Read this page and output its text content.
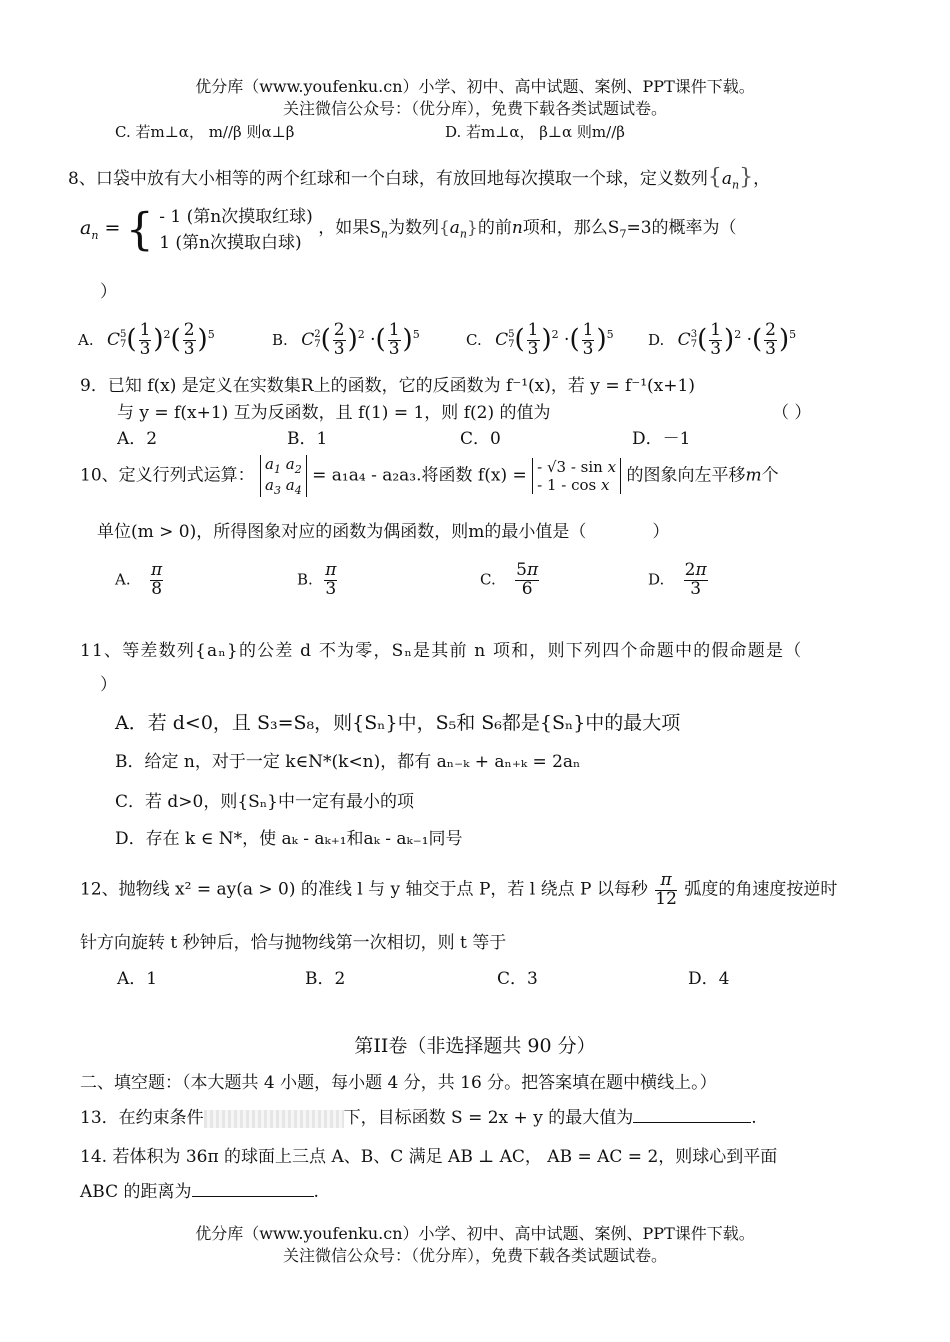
优分库（www.youfenku.cn）小学、初中、高中试题、案例、PPT课件下载。
关注微信公众号：（优分库），免费下载各类试题试卷。
C. 若m⊥α， m//β 则α⊥β	D. 若m⊥α， β⊥α 则m//β
8、口袋中放有大小相等的两个红球和一个白球，有放回地每次摸取一个球，定义数列$\{a_n\}$，
$a_n$ = { - 1 (第n次摸取红球)
1 (第n次摸取白球)
，如果$S_n$为数列$\{a_n\}$的前n项和，那么$S_7=3$的概率为（
）
A. C 5
7 ( $\frac{1}{3} )^2( \frac{2}{3} )^5$	B. C 2
7 ( $\frac{2}{3} )^2$ ·( $\frac{1}{3} )^5$	C. C 5
7 ( $\frac{1}{3} )^2$ ·( $\frac{1}{3} )^5$ D. C 3
7 ( $\frac{1}{3} )^2$ ·( $\frac{2}{3} )^5$
9．已知 f(x) 是定义在实数集R上的函数，它的反函数为 f⁻¹(x)，若 y = f⁻¹(x+1)
与 y = f(x+1) 互为反函数，且 f(1) = 1，则 f(2) 的值为	（ ）
A．2	B．1	C．0	D．－1
10、定义行列式运算：
$a_1$ $a_2$
$a_3$ $a_4$
= a₁a₄ - a₂a₃.将函数 f(x) = - √3 - sin x
- 1 - cos x 的图象向左平移m个
单位(m > 0)，所得图象对应的函数为偶函数，则m的最小值是（	）
A. $\frac{\pi}{8}$	B. $\frac{\pi}{3}$	C. $\frac{5\pi}{6}$	D. $\frac{2\pi}{3}$
11、等差数列{aₙ}的公差 d 不为零，Sₙ是其前 n 项和，则下列四个命题中的假命题是（
）
A．若 d<0，且 S₃=S₈，则{Sₙ}中，S₅和 S₆都是{Sₙ}中的最大项
B．给定 n，对于一定 k∈N*(k<n)，都有 aₙ₋ₖ + aₙ₊ₖ = 2aₙ
C．若 d>0，则{Sₙ}中一定有最小的项
D．存在 k ∈ N*，使 aₖ - aₖ₊₁和aₖ - aₖ₋₁同号
12、抛物线 x² = ay(a > 0) 的准线 l 与 y 轴交于点 P，若 l 绕点 P 以每秒 $\frac{\pi}{12}$ 弧度的角速度按逆时
针方向旋转 t 秒钟后，恰与抛物线第一次相切，则 t 等于
A．1	B．2	C．3	D．4
第II卷（非选择题共 90 分）
二、填空题：（本大题共 4 小题，每小题 4 分，共 16 分。把答案填在题中横线上。）
13．在约束条件	下，目标函数 S = 2x + y 的最大值为	.
14. 若体积为 36π 的球面上三点 A、B、C 满足 AB ⊥ AC， AB = AC = 2，则球心到平面
ABC 的距离为	.
优分库（www.youfenku.cn）小学、初中、高中试题、案例、PPT课件下载。
关注微信公众号：（优分库），免费下载各类试题试卷。
